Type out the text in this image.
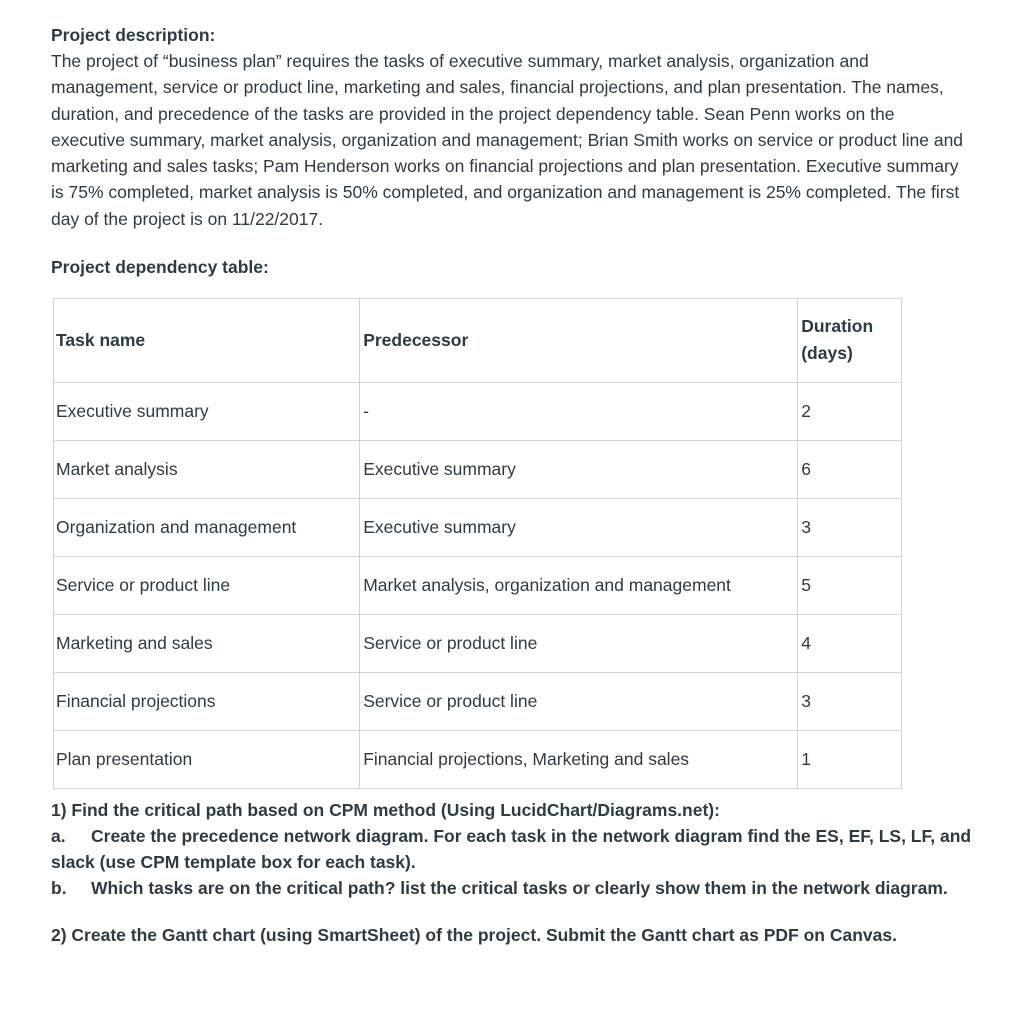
Project description:

The project of “business plan” requires the tasks of executive summary, market analysis, organization and management, service or product line, marketing and sales, financial projections, and plan presentation. The names, duration, and precedence of the tasks are provided in the project dependency table. Sean Penn works on the executive summary, market analysis, organization and management; Brian Smith works on service or product line and marketing and sales tasks; Pam Henderson works on financial projections and plan presentation. Executive summary is 75% completed, market analysis is 50% completed, and organization and management is 25% completed. The first day of the project is on 11/22/2017.

Project dependency table:

Task name	Predecessor	Duration (days)
Executive summary	-	2
Market analysis	Executive summary	6
Organization and management	Executive summary	3
Service or product line	Market analysis, organization and management	5
Marketing and sales	Service or product line	4
Financial projections	Service or product line	3
Plan presentation	Financial projections, Marketing and sales	1

1) Find the critical path based on CPM method (Using LucidChart/Diagrams.net):

a. Create the precedence network diagram. For each task in the network diagram find the ES, EF, LS, LF, and slack (use CPM template box for each task).

b. Which tasks are on the critical path? list the critical tasks or clearly show them in the network diagram.

2) Create the Gantt chart (using SmartSheet) of the project. Submit the Gantt chart as PDF on Canvas.
